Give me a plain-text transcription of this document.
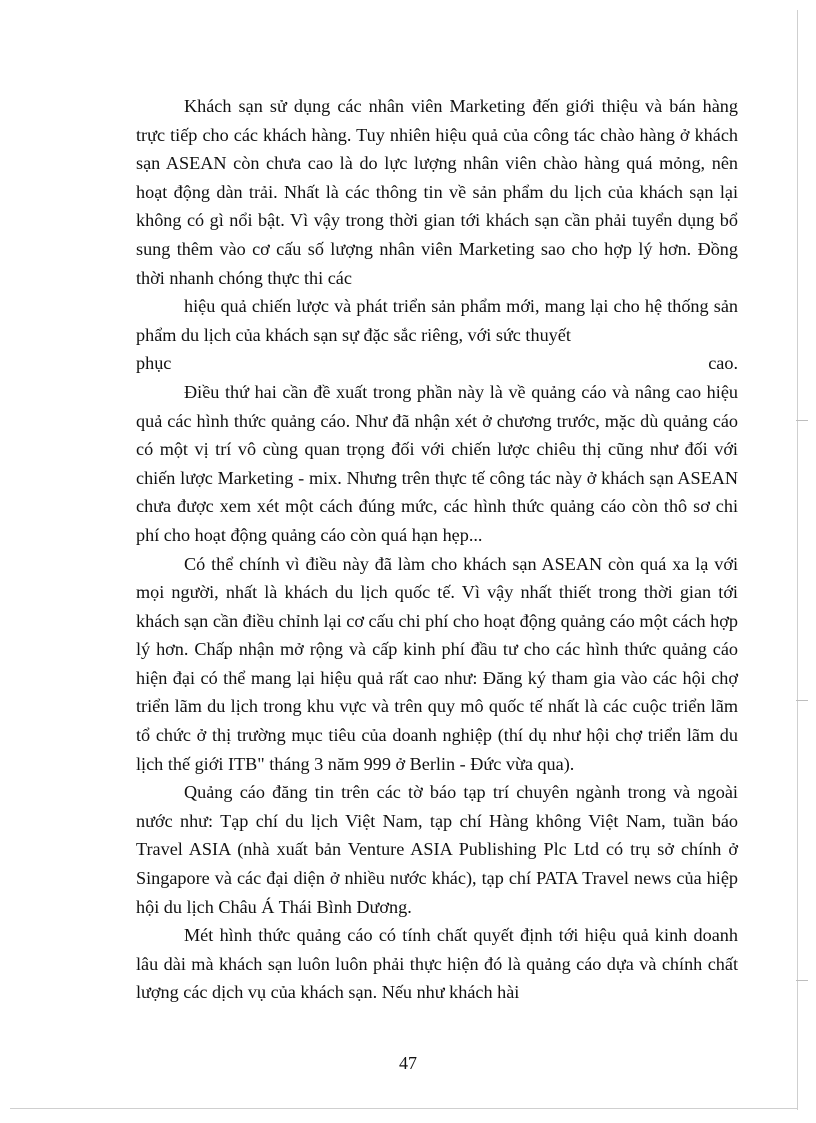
Khách sạn sử dụng các nhân viên Marketing đến giới thiệu và bán hàng trực tiếp cho các khách hàng. Tuy nhiên hiệu quả của công tác chào hàng ở khách sạn ASEAN còn chưa cao là do lực lượng nhân viên chào hàng quá mỏng, nên hoạt động dàn trải. Nhất là các thông tin về sản phẩm du lịch của khách sạn lại không có gì nổi bật. Vì vậy trong thời gian tới khách sạn cần phải tuyển dụng bổ sung thêm vào cơ cấu số lượng nhân viên Marketing sao cho hợp lý hơn. Đồng thời nhanh chóng thực thi các

hiệu quả chiến lược và phát triển sản phẩm mới, mang lại cho hệ thống sản phẩm du lịch của khách sạn sự đặc sắc riêng, với sức thuyết

phục	cao.

Điều thứ hai cần đề xuất trong phần này là về quảng cáo và nâng cao hiệu quả các hình thức quảng cáo. Như đã nhận xét ở chương trước, mặc dù quảng cáo có một vị trí vô cùng quan trọng đối với chiến lược chiêu thị cũng như đối với chiến lược Marketing - mix. Nhưng trên thực tế công tác này ở khách sạn ASEAN chưa được xem xét một cách đúng mức, các hình thức quảng cáo còn thô sơ chi phí cho hoạt động quảng cáo còn quá hạn hẹp...

Có thể chính vì điều này đã làm cho khách sạn ASEAN còn quá xa lạ với mọi người, nhất là khách du lịch quốc tế. Vì vậy nhất thiết trong thời gian tới khách sạn cần điều chỉnh lại cơ cấu chi phí cho hoạt động quảng cáo một cách hợp lý hơn. Chấp nhận mở rộng và cấp kinh phí đầu tư cho các hình thức quảng cáo hiện đại có thể mang lại hiệu quả rất cao như: Đăng ký tham gia vào các hội chợ triển lãm du lịch trong khu vực và trên quy mô quốc tế nhất là các cuộc triển lãm tổ chức ở thị trường mục tiêu của doanh nghiệp (thí dụ như hội chợ triển lãm du lịch thế giới ITB" tháng 3 năm 999 ở Berlin - Đức vừa qua).

Quảng cáo đăng tin trên các tờ báo tạp trí chuyên ngành trong và ngoài nước như: Tạp chí du lịch Việt Nam, tạp chí Hàng không Việt Nam, tuần báo Travel ASIA (nhà xuất bản Venture ASIA Publishing Plc Ltd có trụ sở chính ở Singapore và các đại diện ở nhiều nước khác), tạp chí PATA Travel news của hiệp hội du lịch Châu Á Thái Bình Dương.

Mét hình thức quảng cáo có tính chất quyết định tới hiệu quả kinh doanh lâu dài mà khách sạn luôn luôn phải thực hiện đó là quảng cáo dựa và chính chất lượng các dịch vụ của khách sạn. Nếu như khách hài

47
